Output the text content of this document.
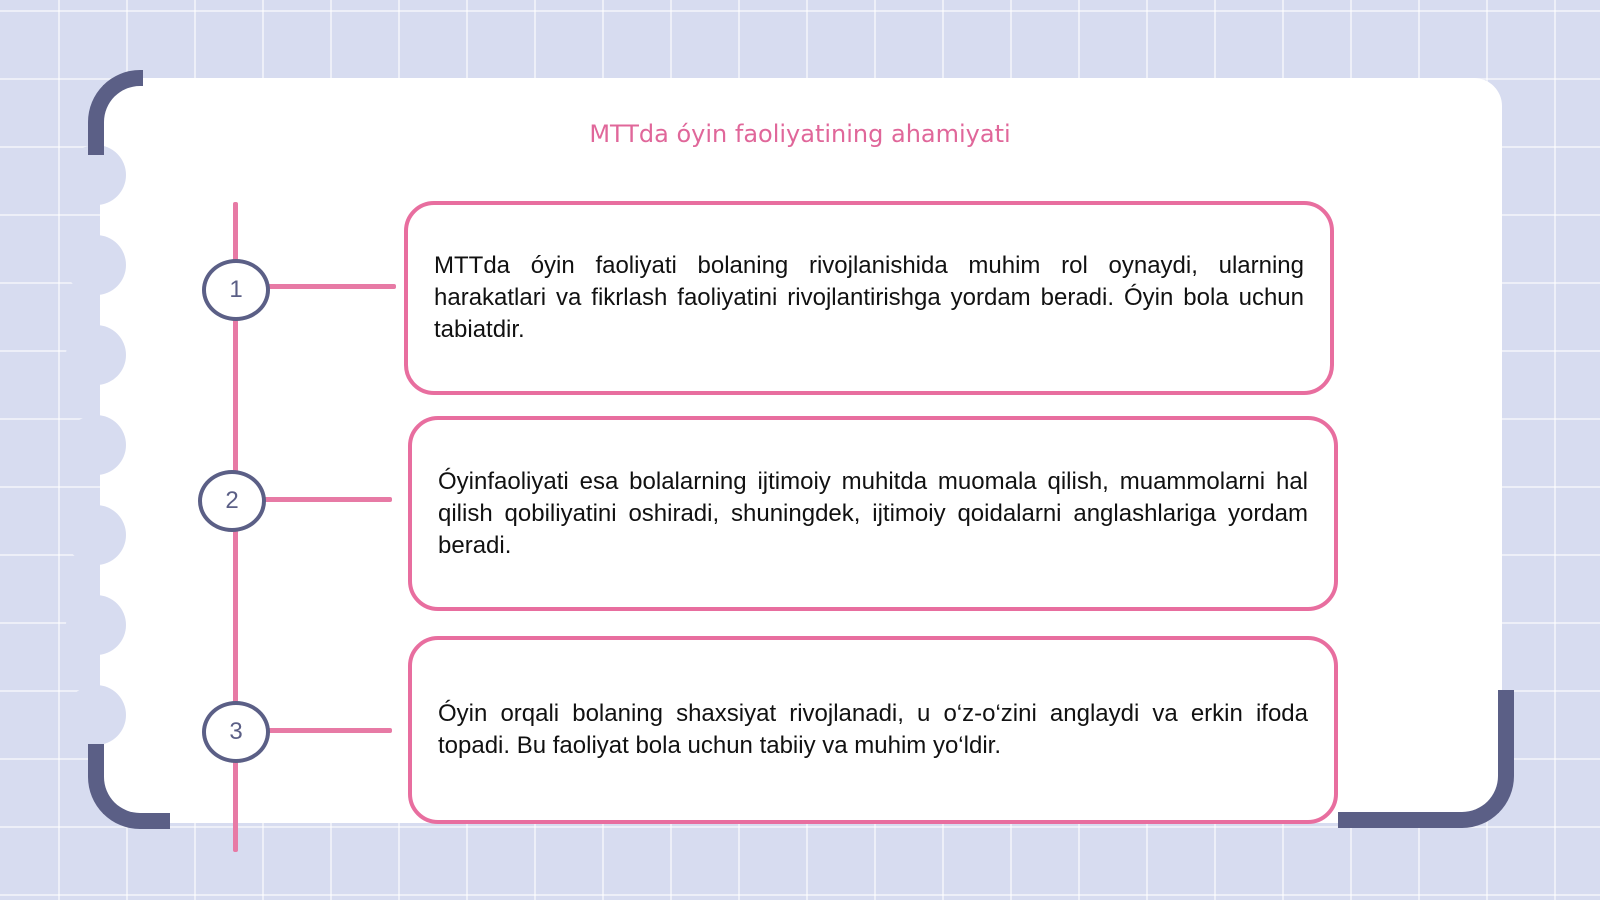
MTTda óyin faoliyatining ahamiyati
1
2
3

MTTda óyin faoliyati bolaning rivojlanishida muhim rol oynaydi, ularning harakatlari va fikrlash faoliyatini rivojlantirishga yordam beradi. Óyin bola uchun tabiatdir.

Óyinfaoliyati esa bolalarning ijtimoiy muhitda muomala qilish, muammolarni hal qilish qobiliyatini oshiradi, shuningdek, ijtimoiy qoidalarni anglashlariga yordam beradi.

Óyin orqali bolaning shaxsiyat rivojlanadi, u o‘z-o‘zini anglaydi va erkin ifoda topadi. Bu faoliyat bola uchun tabiiy va muhim yo‘ldir.
